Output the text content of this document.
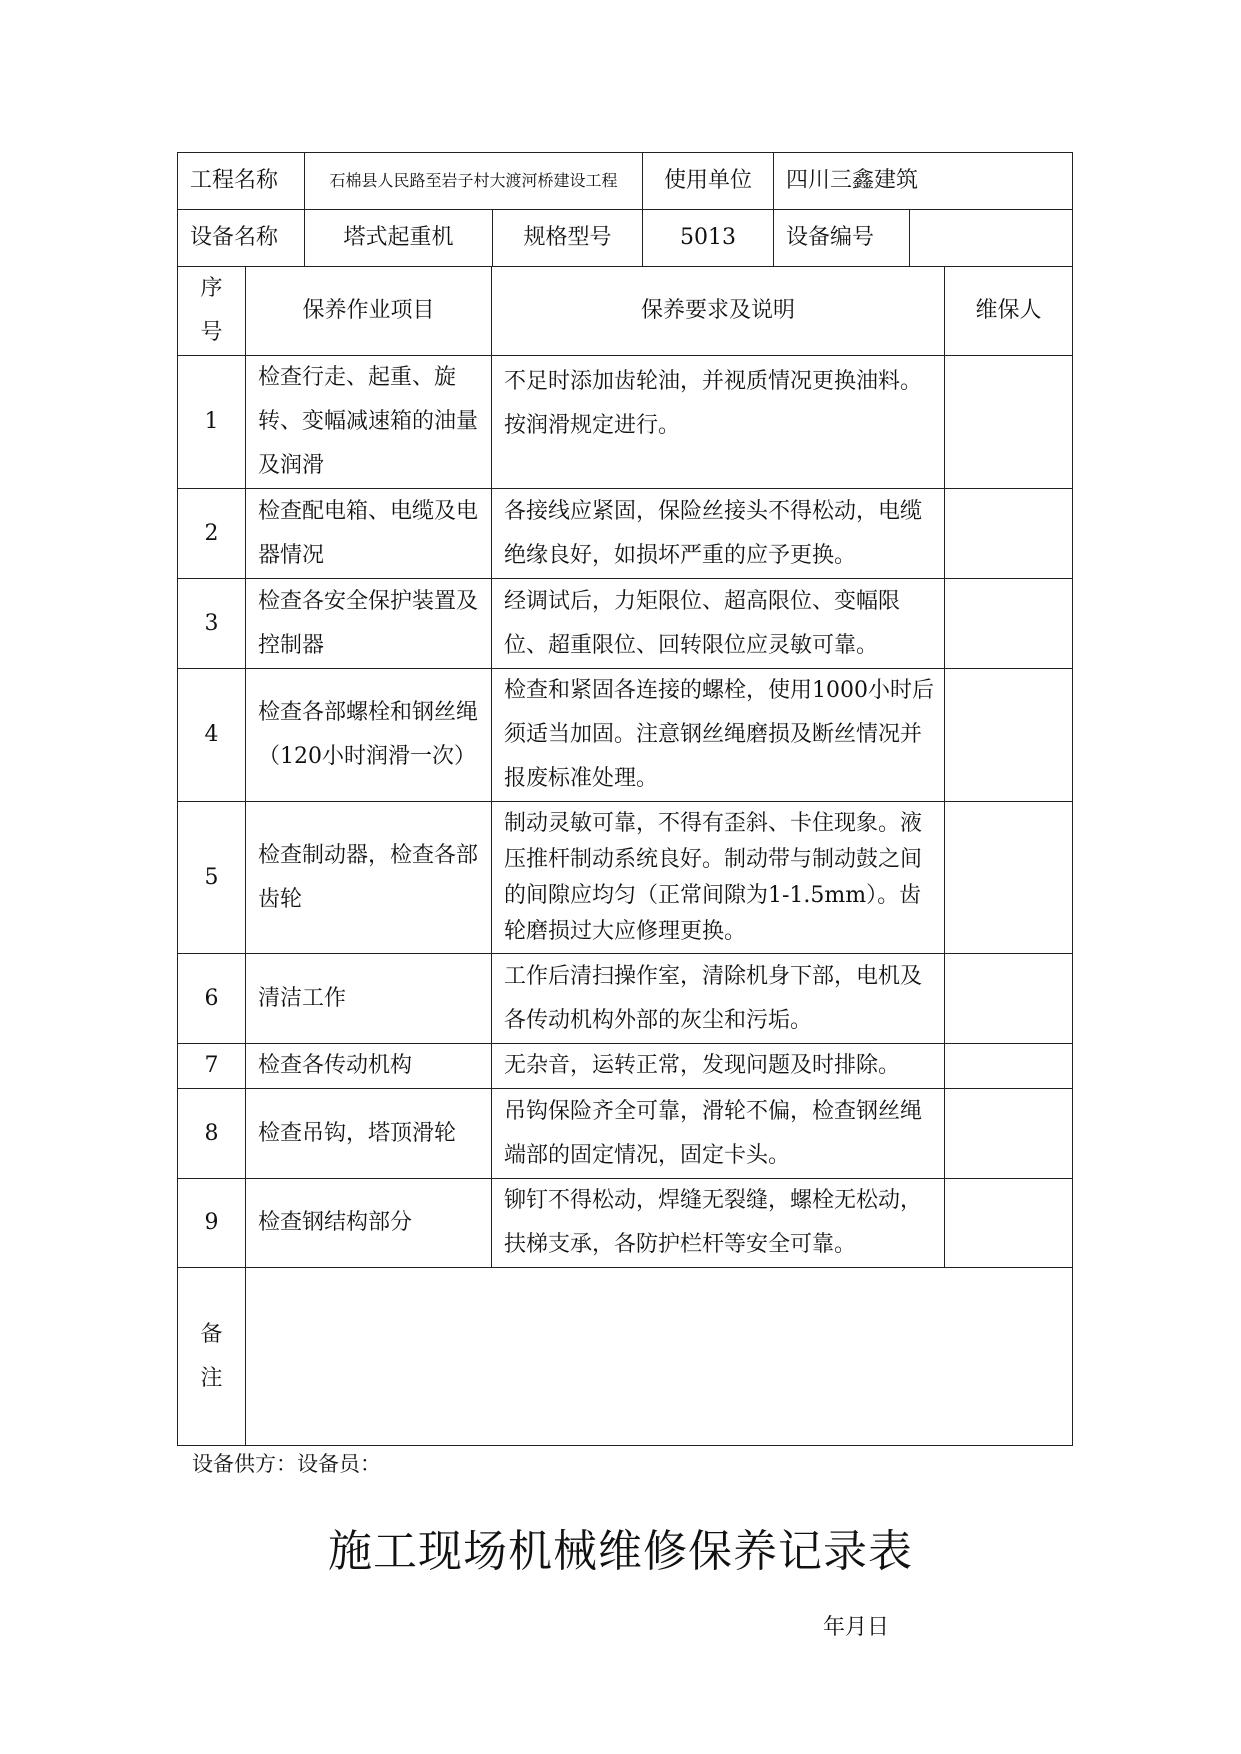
工程名称	石棉县人民路至岩子村大渡河桥建设工程		使用单位	四川三鑫建筑	
设备名称	塔式起重机	规格型号	5013	设备编号	
序号	保养作业项目	保养要求及说明	维保人
1	检查行走、起重、旋转、变幅减速箱的油量及润滑	不足时添加齿轮油，并视质情况更换油料。按润滑规定进行。	
2	检查配电箱、电缆及电器情况	各接线应紧固，保险丝接头不得松动，电缆绝缘良好，如损坏严重的应予更换。	
3	检查各安全保护装置及控制器	经调试后，力矩限位、超高限位、变幅限位、超重限位、回转限位应灵敏可靠。	
4	检查各部螺栓和钢丝绳（120小时润滑一次）	检查和紧固各连接的螺栓，使用1000小时后须适当加固。注意钢丝绳磨损及断丝情况并报废标准处理。	
5	检查制动器，检查各部齿轮	制动灵敏可靠，不得有歪斜、卡住现象。液压推杆制动系统良好。制动带与制动鼓之间的间隙应均匀（正常间隙为1-1.5mm）。齿轮磨损过大应修理更换。	
6	清洁工作	工作后清扫操作室，清除机身下部，电机及各传动机构外部的灰尘和污垢。	
7	检查各传动机构	无杂音，运转正常，发现问题及时排除。	
8	检查吊钩，塔顶滑轮	吊钩保险齐全可靠，滑轮不偏，检查钢丝绳端部的固定情况，固定卡头。	
9	检查钢结构部分	铆钉不得松动，焊缝无裂缝，螺栓无松动，扶梯支承，各防护栏杆等安全可靠。	
备注			
设备供方：设备员：
施工现场机械维修保养记录表
年月日
